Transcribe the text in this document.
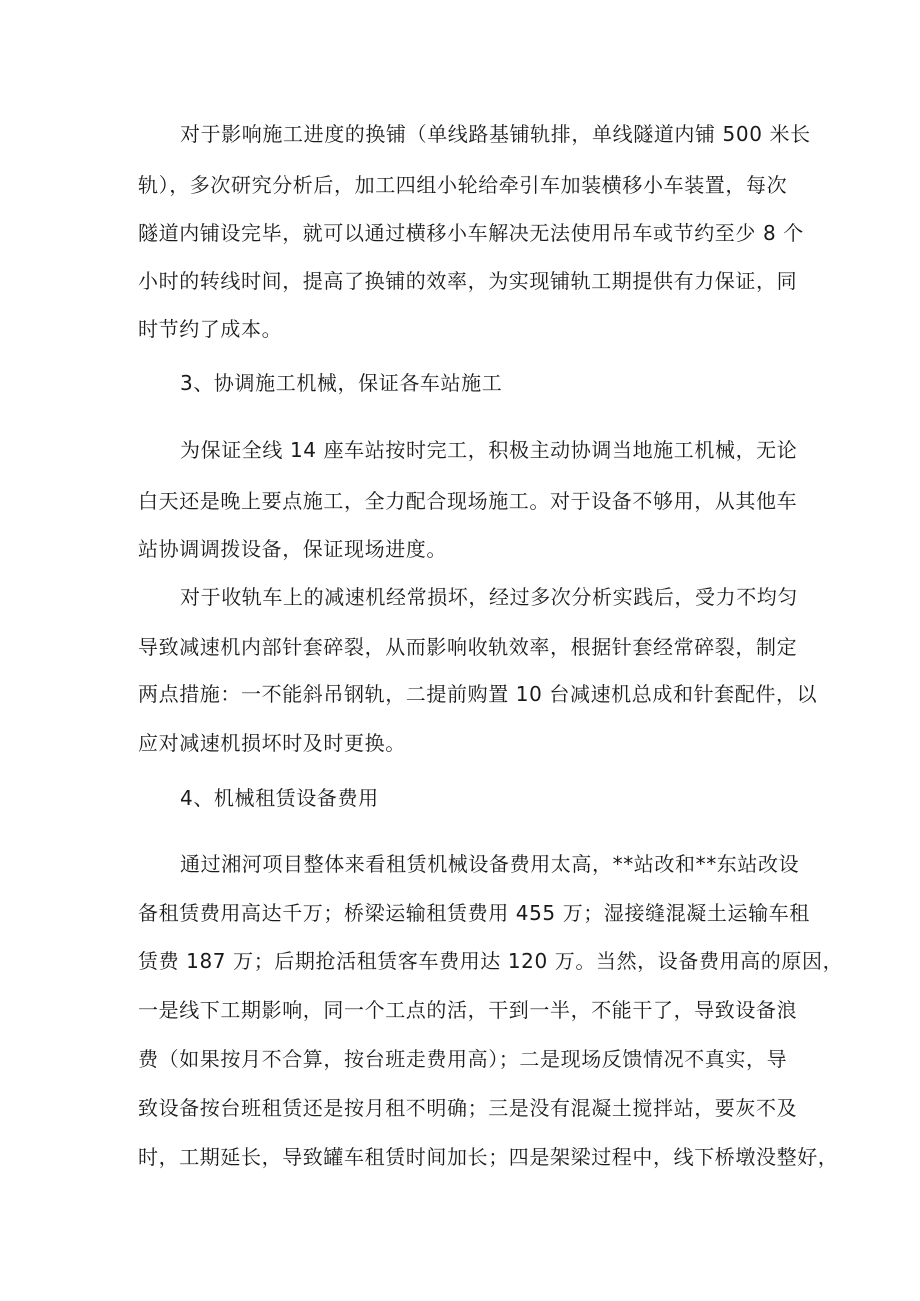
对于影响施工进度的换铺（单线路基铺轨排，单线隧道内铺 500 米长
轨），多次研究分析后，加工四组小轮给牵引车加装横移小车装置，每次
隧道内铺设完毕，就可以通过横移小车解决无法使用吊车或节约至少 8 个
小时的转线时间，提高了换铺的效率，为实现铺轨工期提供有力保证，同
时节约了成本。
3、协调施工机械，保证各车站施工
为保证全线 14 座车站按时完工，积极主动协调当地施工机械，无论
白天还是晚上要点施工，全力配合现场施工。对于设备不够用，从其他车
站协调调拨设备，保证现场进度。
对于收轨车上的减速机经常损坏，经过多次分析实践后，受力不均匀
导致减速机内部针套碎裂，从而影响收轨效率，根据针套经常碎裂，制定
两点措施：一不能斜吊钢轨，二提前购置 10 台减速机总成和针套配件，以
应对减速机损坏时及时更换。
4、机械租赁设备费用
通过湘河项目整体来看租赁机械设备费用太高，**站改和**东站改设
备租赁费用高达千万；桥梁运输租赁费用 455 万；湿接缝混凝土运输车租
赁费 187 万；后期抢活租赁客车费用达 120 万。当然，设备费用高的原因，
一是线下工期影响，同一个工点的活，干到一半，不能干了，导致设备浪
费（如果按月不合算，按台班走费用高）；二是现场反馈情况不真实，导
致设备按台班租赁还是按月租不明确；三是没有混凝土搅拌站，要灰不及
时，工期延长，导致罐车租赁时间加长；四是架梁过程中，线下桥墩没整好，
